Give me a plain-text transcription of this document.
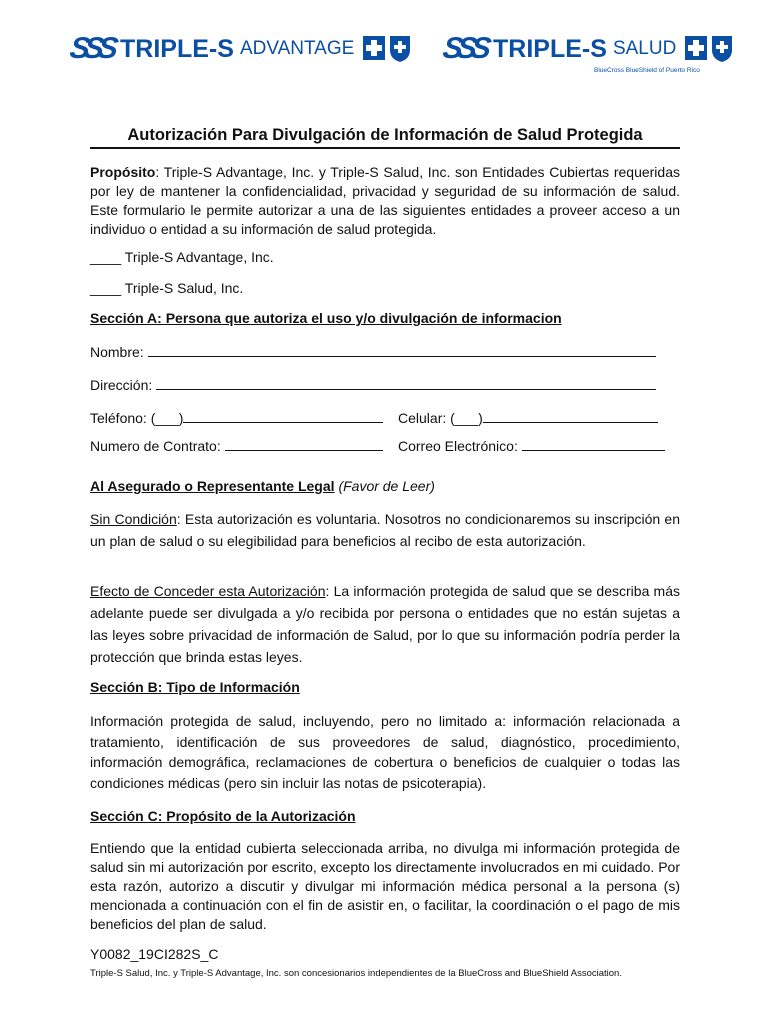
SSS TRIPLE-S ADVANTAGE	SSS TRIPLE-S SALUD
BlueCross BlueShield of Puerto Rico
Autorización Para Divulgación de Información de Salud Protegida

Propósito: Triple-S Advantage, Inc. y Triple-S Salud, Inc. son Entidades Cubiertas requeridas por ley de mantener la confidencialidad, privacidad y seguridad de su información de salud. Este formulario le permite autorizar a una de las siguientes entidades a proveer acceso a un individuo o entidad a su información de salud protegida.

____ Triple-S Advantage, Inc.
____ Triple-S Salud, Inc.
Sección A: Persona que autoriza el uso y/o divulgación de informacion
Nombre:
Dirección:
Teléfono: (___)	Celular: (___)
Numero de Contrato:	Correo Electrónico:
Al Asegurado o Representante Legal (Favor de Leer)

Sin Condición: Esta autorización es voluntaria. Nosotros no condicionaremos su inscripción en un plan de salud o su elegibilidad para beneficios al recibo de esta autorización.

Efecto de Conceder esta Autorización: La información protegida de salud que se describa más adelante puede ser divulgada a y/o recibida por persona o entidades que no están sujetas a las leyes sobre privacidad de información de Salud, por lo que su información podría perder la protección que brinda estas leyes.

Sección B: Tipo de Información

Información protegida de salud, incluyendo, pero no limitado a: información relacionada a tratamiento, identificación de sus proveedores de salud, diagnóstico, procedimiento, información demográfica, reclamaciones de cobertura o beneficios de cualquier o todas las condiciones médicas (pero sin incluir las notas de psicoterapia).

Sección C: Propósito de la Autorización

Entiendo que la entidad cubierta seleccionada arriba, no divulga mi información protegida de salud sin mi autorización por escrito, excepto los directamente involucrados en mi cuidado. Por esta razón, autorizo a discutir y divulgar mi información médica personal a la persona (s) mencionada a continuación con el fin de asistir en, o facilitar, la coordinación o el pago de mis beneficios del plan de salud.

Y0082_19CI282S_C
Triple-S Salud, Inc. y Triple-S Advantage, Inc. son concesionarios independientes de la BlueCross and BlueShield Association.
